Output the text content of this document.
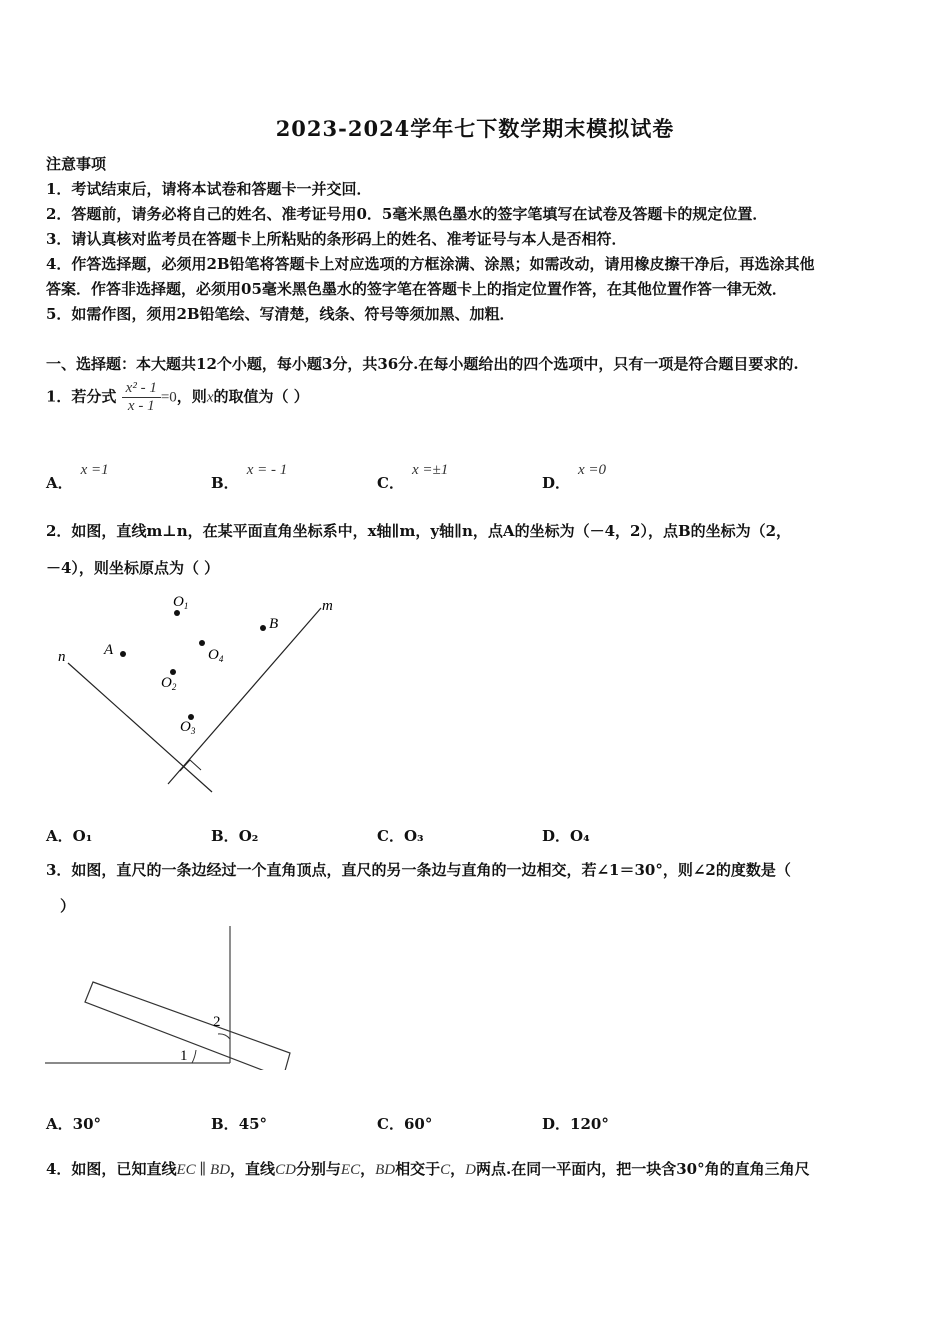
2023-2024学年七下数学期末模拟试卷
注意事项
1．考试结束后，请将本试卷和答题卡一并交回．
2．答题前，请务必将自己的姓名、准考证号用0．5毫米黑色墨水的签字笔填写在试卷及答题卡的规定位置．
3．请认真核对监考员在答题卡上所粘贴的条形码上的姓名、准考证号与本人是否相符．
4．作答选择题，必须用2B铅笔将答题卡上对应选项的方框涂满、涂黑；如需改动，请用橡皮擦干净后，再选涂其他
答案．作答非选择题，必须用05毫米黑色墨水的签字笔在答题卡上的指定位置作答，在其他位置作答一律无效．
5．如需作图，须用2B铅笔绘、写清楚，线条、符号等须加黑、加粗．
一、选择题：本大题共12个小题，每小题3分，共36分.在每小题给出的四个选项中，只有一项是符合题目要求的.
1．若分式 $\frac{\text{x² - 1}}{x - 1} =0$，则x的取值为（ ）
A．x =1
B．x = - 1
C．x =±1
D．x =0
2．如图，直线m⊥n，在某平面直角坐标系中，x轴∥m，y轴∥n，点A的坐标为（－4，2），点B的坐标为（2，
－4），则坐标原点为（ ）
m
n	A
B
$O_1$
$O_4$
$O_2$
$O_3$
A．O₁	B．O₂	C．O₃	D．O₄
3．如图，直尺的一条边经过一个直角顶点，直尺的另一条边与直角的一边相交，若∠1＝30°，则∠2的度数是（
）
1
2
A．30°	B．45°	C．60°	D．120°
4．如图，已知直线EC ∥ BD，直线CD分别与EC，BD相交于C，D两点.在同一平面内，把一块含30°角的直角三角尺
